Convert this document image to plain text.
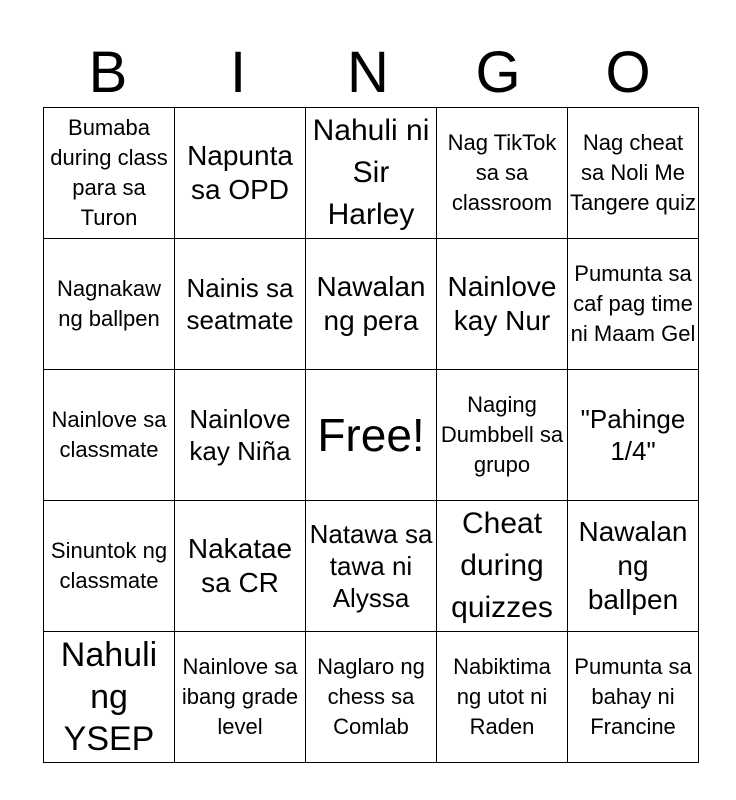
B	I	N	G	O
Bumaba during class para sa Turon	Napunta sa OPD	Nahuli ni Sir Harley	Nag TikTok sa sa classroom	Nag cheat sa Noli Me Tangere quiz

Nagnakaw ng ballpen	Nainis sa seatmate	Nawalan ng pera	Nainlove kay Nur	Pumunta sa caf pag time ni Maam Gel

Nainlove sa classmate	Nainlove kay Niña	Free!	Naging Dumbbell sa grupo	"Pahinge 1/4"

Sinuntok ng classmate	Nakatae sa CR	Natawa sa tawa ni Alyssa	Cheat during quizzes	Nawalan ng ballpen

Nahuli ng YSEP	Nainlove sa ibang grade level	Naglaro ng chess sa Comlab	Nabiktima ng utot ni Raden	Pumunta sa bahay ni Francine
